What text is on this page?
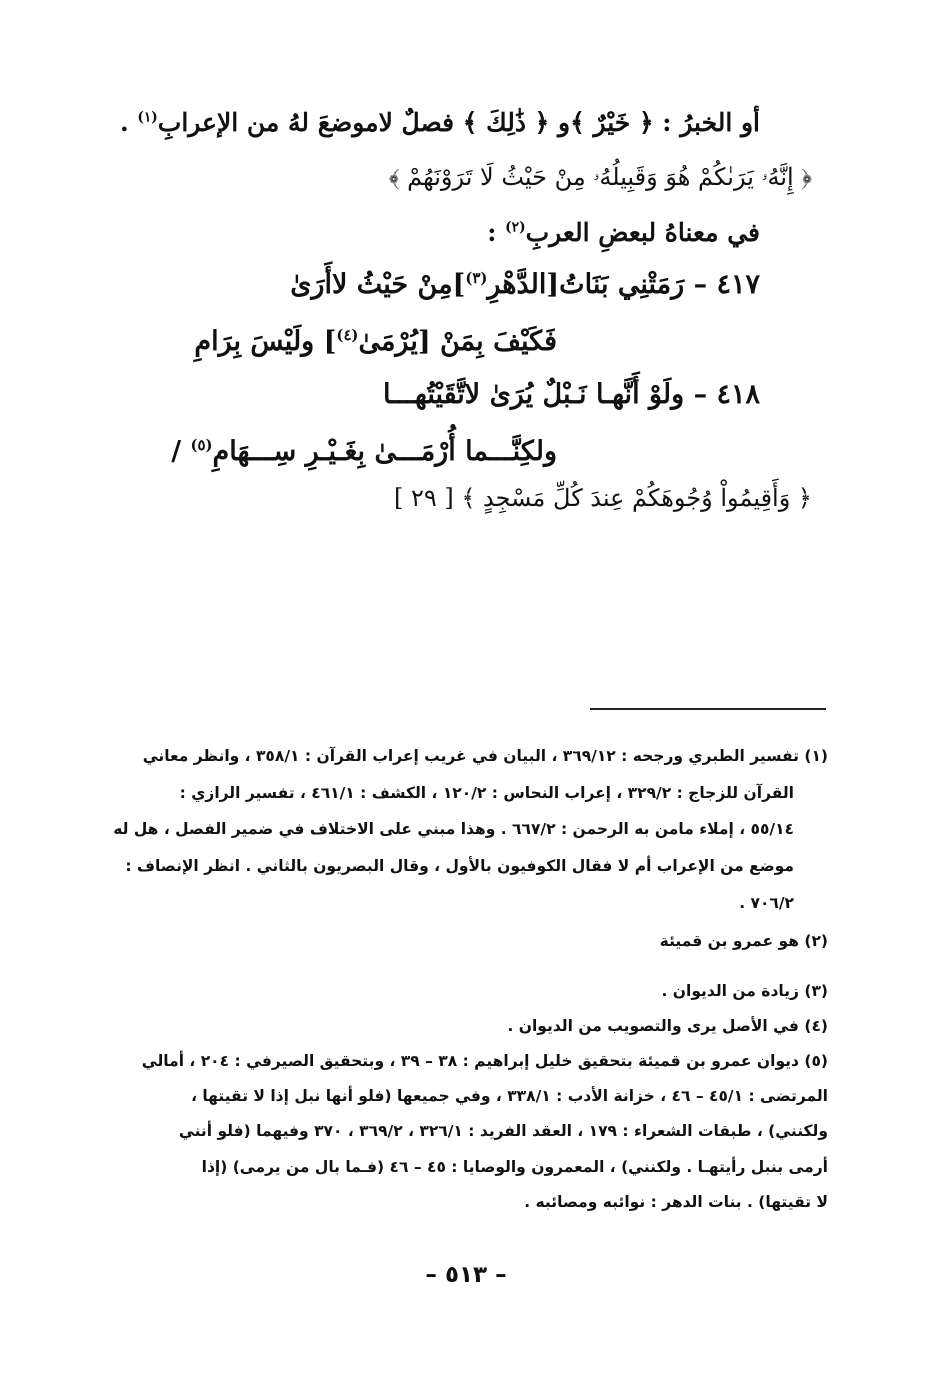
أو الخبرُ : ﴿ خَيْرٌ ﴾و ﴿ ذَٰلِكَ ﴾ فصلٌ لاموضعَ لهُ من الإعرابِ$^{(١)}$ .
﴿ إِنَّهُۥ يَرَىٰكُمْ هُوَ وَقَبِيلُهُۥ مِنْ حَيْثُ لَا تَرَوْنَهُمْ ﴾
في معناهُ لبعضِ العربِ$^{(٢)}$ :
٤١٧ – رَمَتْنِي بَنَاتُ[الدَّهْرِ$^{(٣)}$]مِنْ حَيْثُ لاأَرَىٰ
فَكَيْفَ بِمَنْ [يُرْمَىٰ$^{(٤)}$] ولَيْسَ بِرَامِ
٤١٨ – ولَوْ أَنَّهـا نَـبْلٌ يُرَىٰ لاتَّقَيْتُهـــا
ولكِنَّـــما أُرْمَـــىٰ بِغَـيْـرِ سِـــهَامِ$^{(٥)}$ /
﴿ وَأَقِيمُواْ وُجُوهَكُمْ عِندَ كُلِّ مَسْجِدٍ ﴾ [ ٢٩ ]
(١) تفسير الطبري ورجحه : ٣٦٩/١٢ ، البيان في غريب إعراب القرآن : ٣٥٨/١ ، وانظر معاني
القرآن للزجاج : ٣٢٩/٢ ، إعراب النحاس : ١٢٠/٢ ، الكشف : ٤٦١/١ ، تفسير الرازي :
٥٥/١٤ ، إملاء مامن به الرحمن : ٦٦٧/٢ . وهذا مبني على الاختلاف في ضمير الفصل ، هل له
موضع من الإعراب أم لا فقال الكوفيون بالأول ، وقال البصريون بالثاني . انظر الإنصاف :
٧٠٦/٢ .
(٢) هو عمرو بن قميئة
(٣) زيادة من الديوان .
(٤) في الأصل يرى والتصويب من الديوان .
(٥) ديوان عمرو بن قميئة بتحقيق خليل إبراهيم : ٣٨ – ٣٩ ، وبتحقيق الصيرفي : ٢٠٤ ، أمالي
المرتضى : ٤٥/١ – ٤٦ ، خزانة الأدب : ٣٣٨/١ ، وفي جميعها (فلو أنها نبل إذا لا تقيتها ،
ولكنني) ، طبقات الشعراء : ١٧٩ ، العقد الفريد : ٣٢٦/١ ، ٣٦٩/٢ ، ٣٧٠ وفيهما (فلو أنني
أرمى بنبل رأيتهـا . ولكنني) ، المعمرون والوصايا : ٤٥ – ٤٦ (فـما بال من يرمى) (إذا
لا تقيتها) . بنات الدهر : نوائبه ومصائبه .
– ٥١٣ –
